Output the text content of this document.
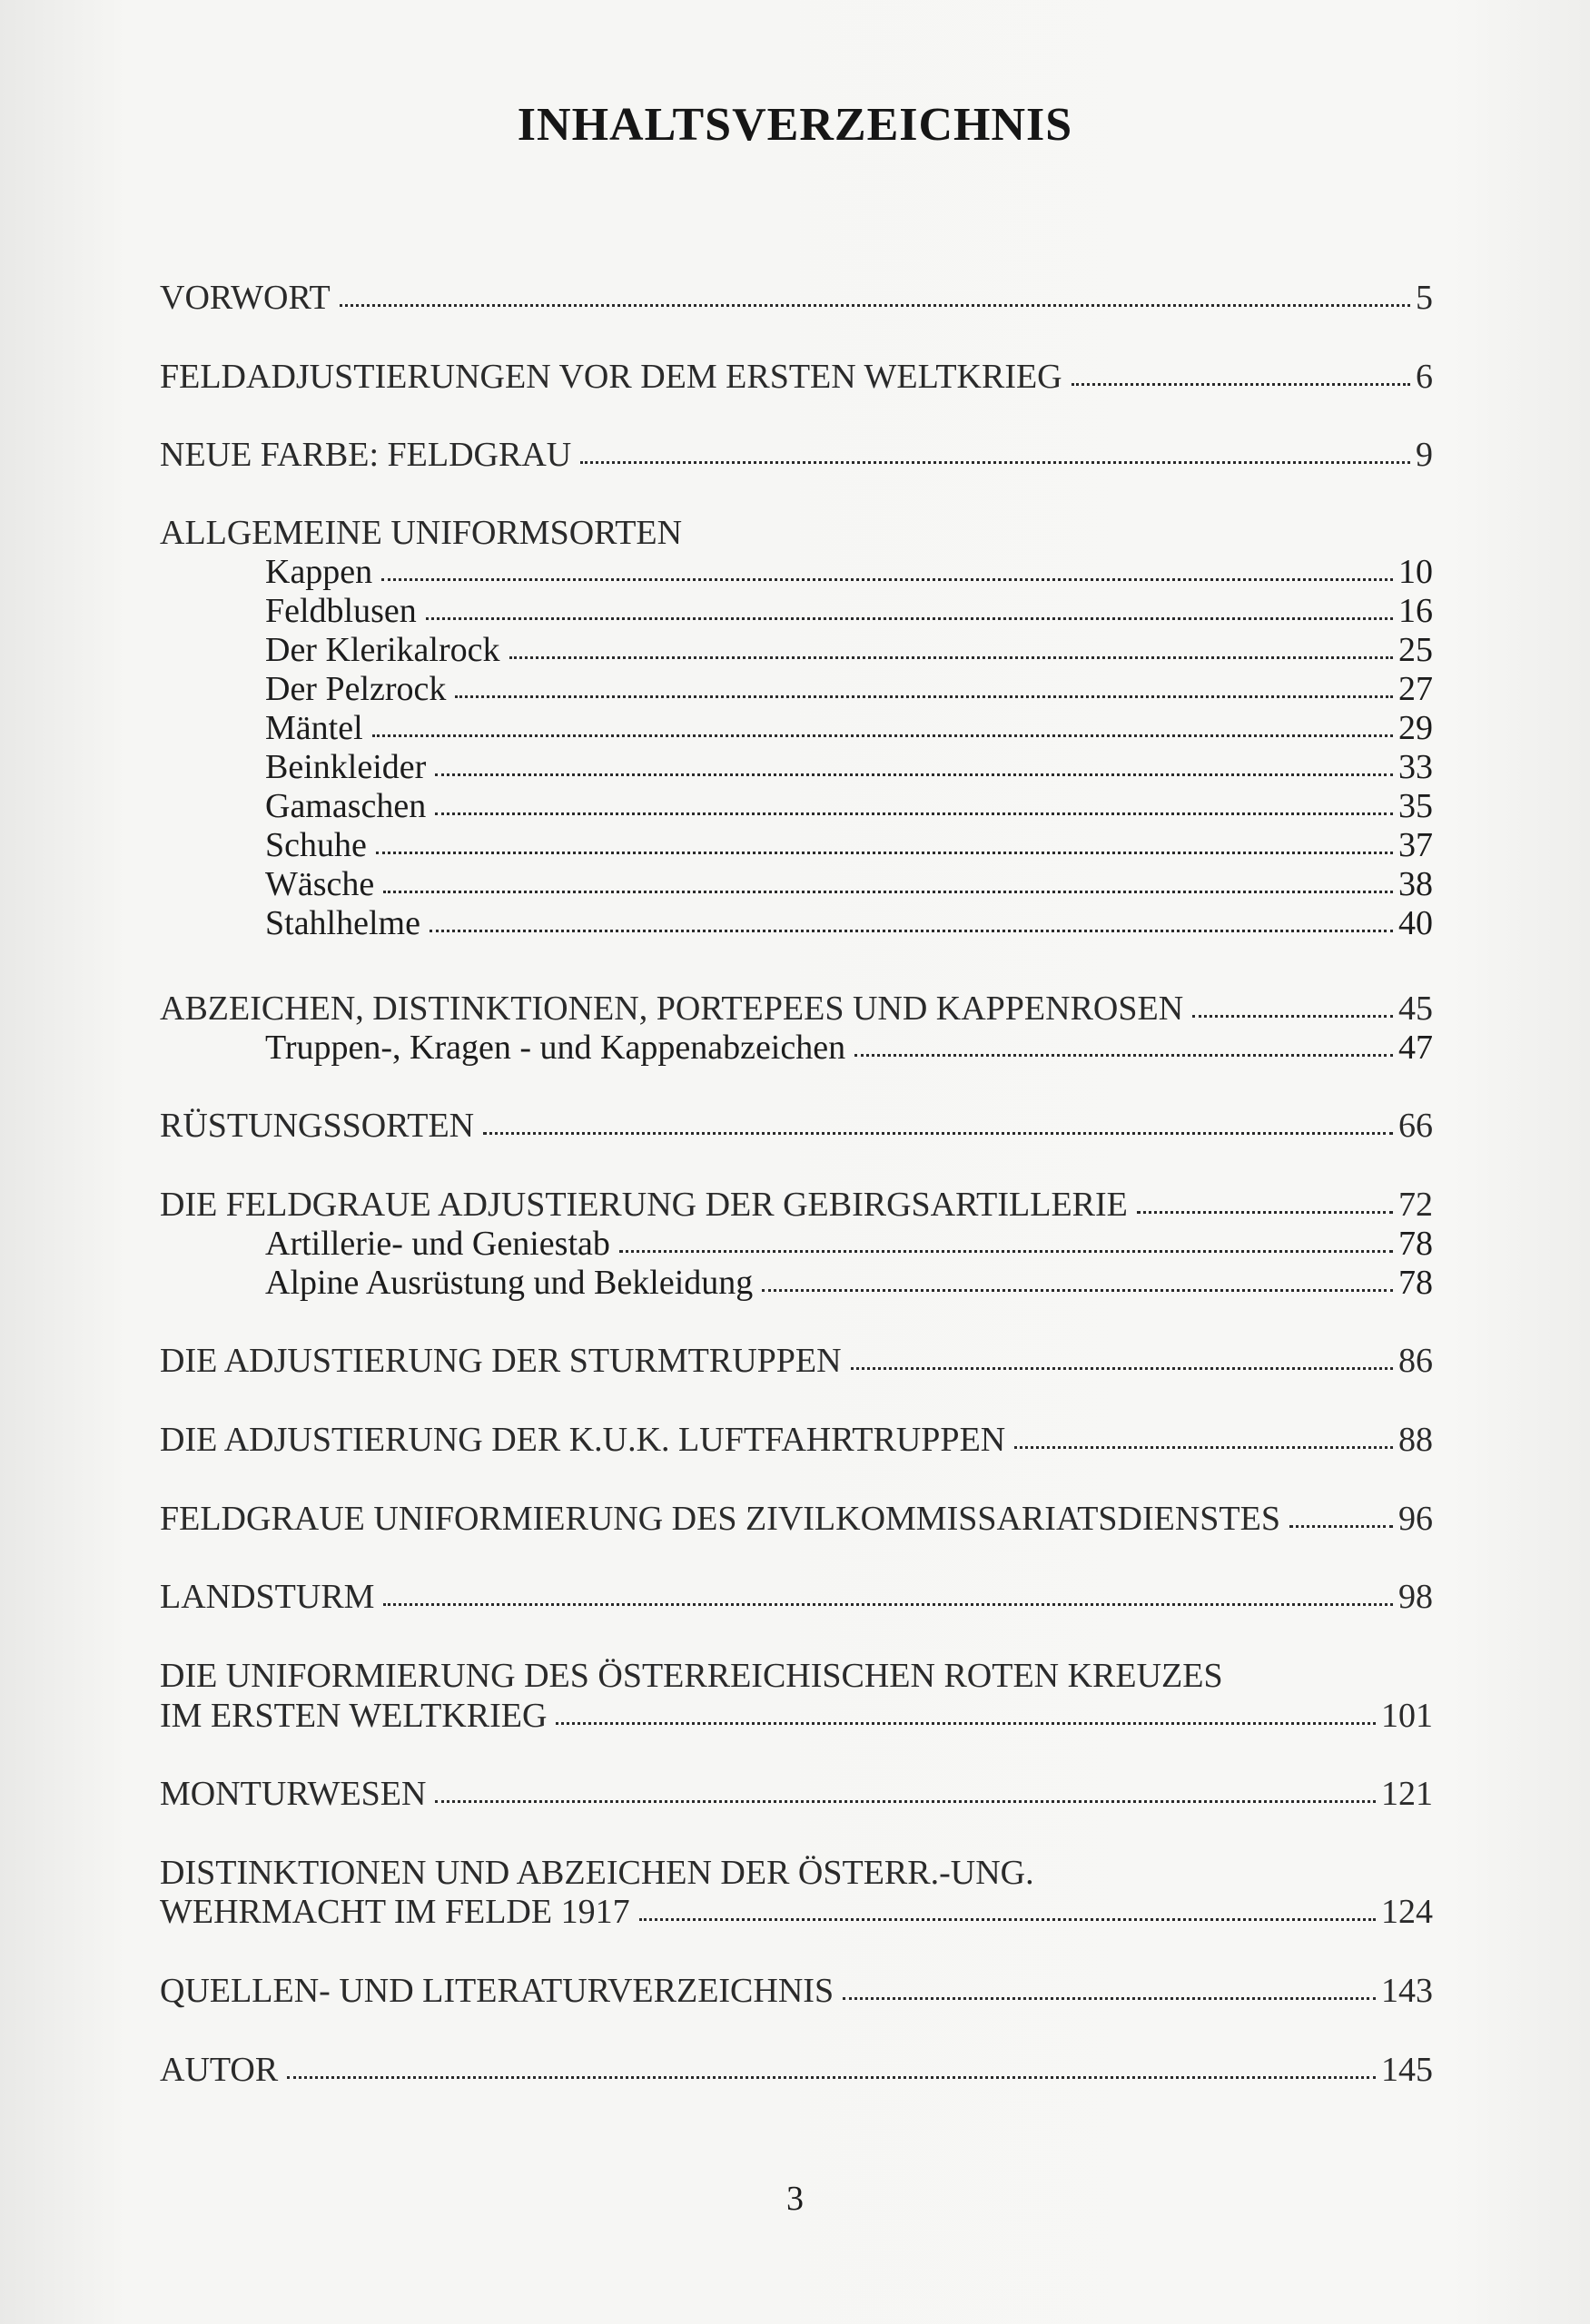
INHALTSVERZEICHNIS
VORWORT	5
FELDADJUSTIERUNGEN VOR DEM ERSTEN WELTKRIEG	6
NEUE FARBE: FELDGRAU	9
ALLGEMEINE UNIFORMSORTEN
Kappen	10
Feldblusen	16
Der Klerikalrock	25
Der Pelzrock	27
Mäntel	29
Beinkleider	33
Gamaschen	35
Schuhe	37
Wäsche	38
Stahlhelme	40
ABZEICHEN, DISTINKTIONEN, PORTEPEES UND KAPPENROSEN	45
Truppen-, Kragen - und Kappenabzeichen	47
RÜSTUNGSSORTEN	66
DIE FELDGRAUE ADJUSTIERUNG DER GEBIRGSARTILLERIE	72
Artillerie- und Geniestab	78
Alpine Ausrüstung und Bekleidung	78
DIE ADJUSTIERUNG DER STURMTRUPPEN	86
DIE ADJUSTIERUNG DER K.U.K. LUFTFAHRTRUPPEN	88
FELDGRAUE UNIFORMIERUNG DES ZIVILKOMMISSARIATSDIENSTES	96
LANDSTURM	98
DIE UNIFORMIERUNG DES ÖSTERREICHISCHEN ROTEN KREUZES
IM ERSTEN WELTKRIEG	101
MONTURWESEN	121
DISTINKTIONEN UND ABZEICHEN DER ÖSTERR.-UNG.
WEHRMACHT IM FELDE 1917	124
QUELLEN- UND LITERATURVERZEICHNIS	143
AUTOR	145
3
